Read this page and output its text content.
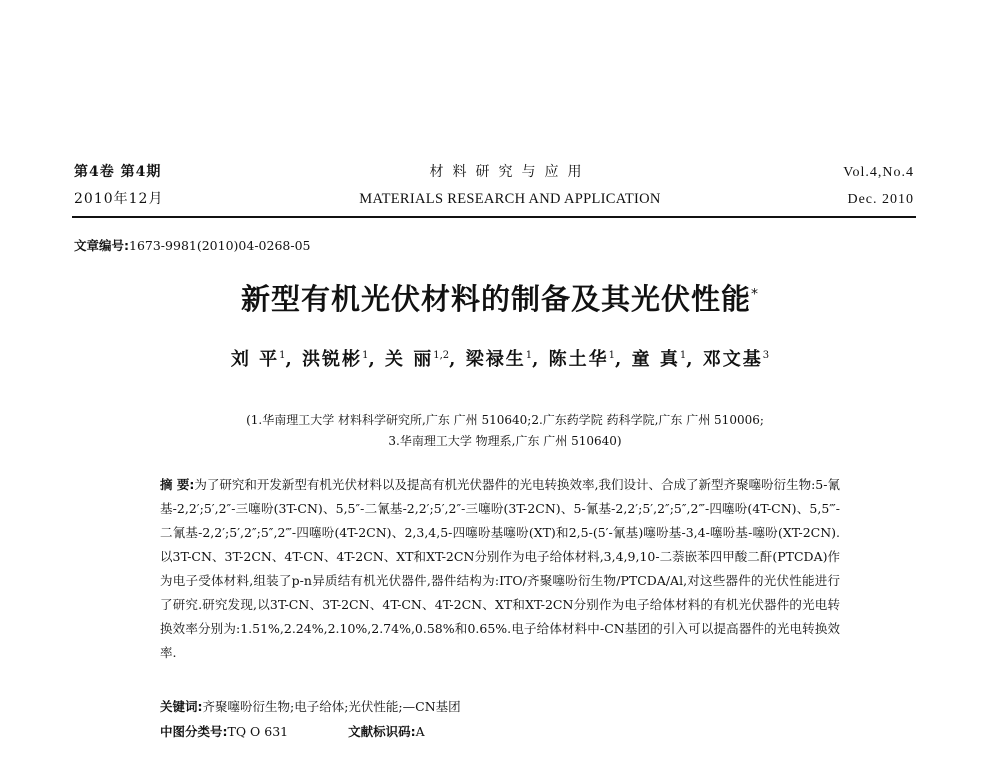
第4卷 第4期
2010年12月
材料研究与应用
MATERIALS RESEARCH AND APPLICATION
Vol.4,No.4
Dec. 2010
文章编号:1673-9981(2010)04-0268-05
新型有机光伏材料的制备及其光伏性能*
刘 平$^1$, 洪锐彬$^1$, 关 丽$^{1,2}$, 梁禄生$^1$, 陈土华$^1$, 童 真$^1$, 邓文基$^3$
(1.华南理工大学 材料科学研究所,广东 广州 510640;2.广东药学院 药科学院,广东 广州 510006;
3.华南理工大学 物理系,广东 广州 510640)
摘 要:为了研究和开发新型有机光伏材料以及提高有机光伏器件的光电转换效率,我们设计、合成了新型齐聚噻吩衍生物:5-氰基-2,2′;5′,2″-三噻吩(3T-CN)、5,5″-二氰基-2,2′;5′,2″-三噻吩(3T-2CN)、5-氰基-2,2′;5′,2″;5″,2‴-四噻吩(4T-CN)、5,5‴-二氰基-2,2′;5′,2″;5″,2‴-四噻吩(4T-2CN)、2,3,4,5-四噻吩基噻吩(XT)和2,5-(5′-氰基)噻吩基-3,4-噻吩基-噻吩(XT-2CN).以3T-CN、3T-2CN、4T-CN、4T-2CN、XT和XT-2CN分别作为电子给体材料,3,4,9,10-二萘嵌苯四甲酸二酐(PTCDA)作为电子受体材料,组装了p-n异质结有机光伏器件,器件结构为:ITO/齐聚噻吩衍生物/PTCDA/Al,对这些器件的光伏性能进行了研究.研究发现,以3T-CN、3T-2CN、4T-CN、4T-2CN、XT和XT-2CN分别作为电子给体材料的有机光伏器件的光电转换效率分别为:1.51%,2.24%,2.10%,2.74%,0.58%和0.65%.电子给体材料中-CN基团的引入可以提高器件的光电转换效率.
关键词:齐聚噻吩衍生物;电子给体;光伏性能;—CN基团
中图分类号:TQ O 631	文献标识码:A
